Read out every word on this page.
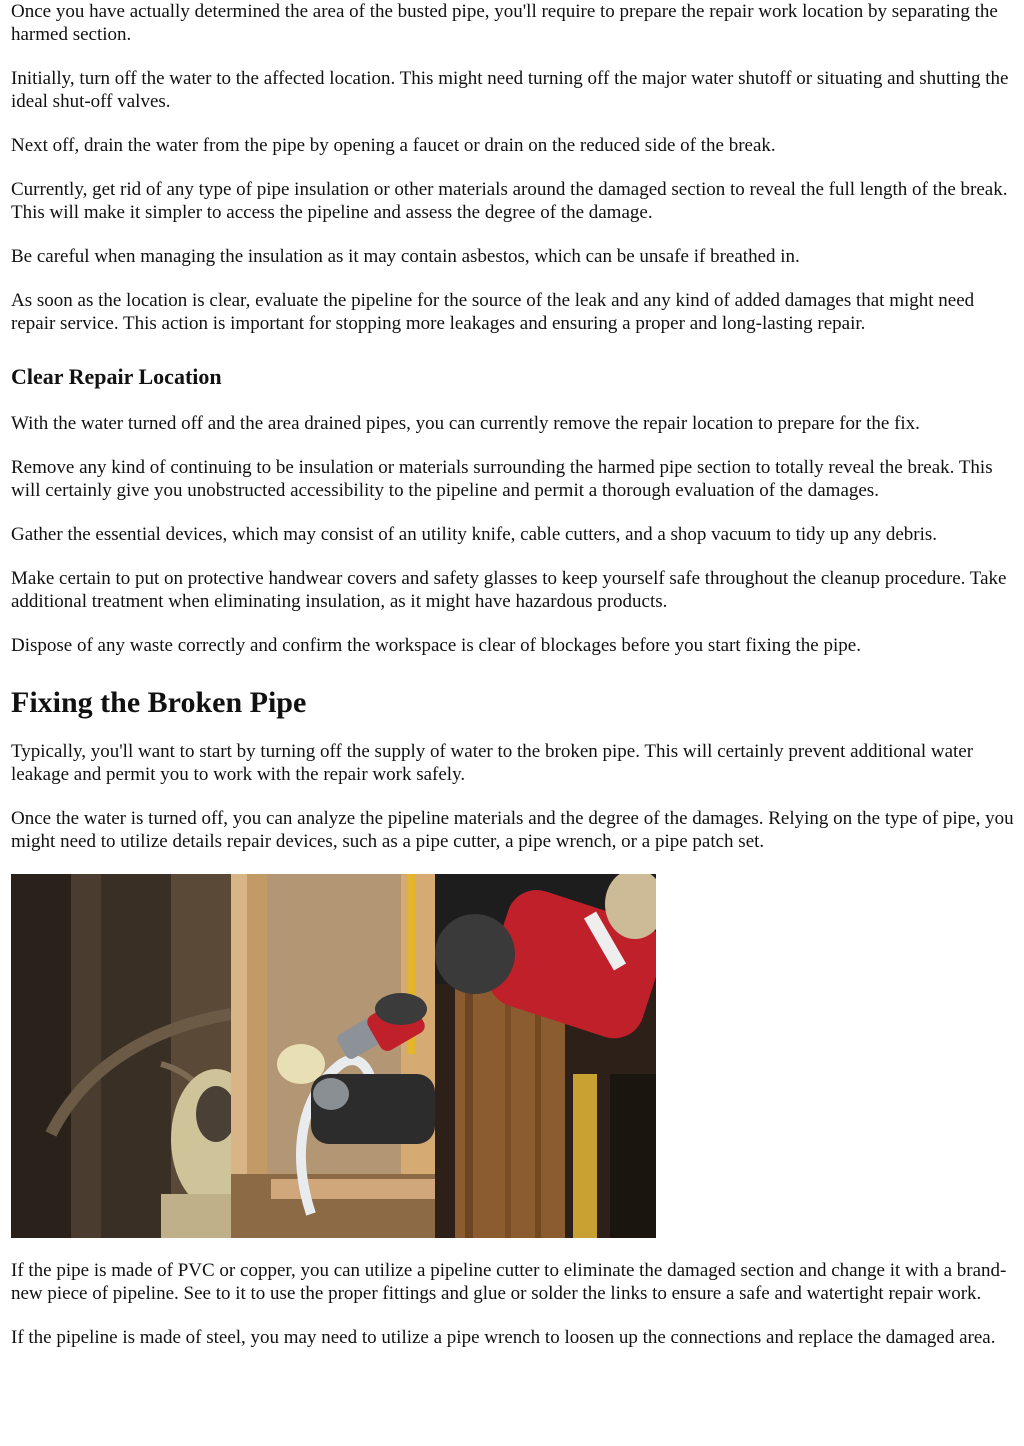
Once you have actually determined the area of the busted pipe, you'll require to prepare the repair work location by separating the harmed section.

Initially, turn off the water to the affected location. This might need turning off the major water shutoff or situating and shutting the ideal shut-off valves.

Next off, drain the water from the pipe by opening a faucet or drain on the reduced side of the break.

Currently, get rid of any type of pipe insulation or other materials around the damaged section to reveal the full length of the break. This will make it simpler to access the pipeline and assess the degree of the damage.

Be careful when managing the insulation as it may contain asbestos, which can be unsafe if breathed in.

As soon as the location is clear, evaluate the pipeline for the source of the leak and any kind of added damages that might need repair service. This action is important for stopping more leakages and ensuring a proper and long-lasting repair.

Clear Repair Location

With the water turned off and the area drained pipes, you can currently remove the repair location to prepare for the fix.

Remove any kind of continuing to be insulation or materials surrounding the harmed pipe section to totally reveal the break. This will certainly give you unobstructed accessibility to the pipeline and permit a thorough evaluation of the damages.

Gather the essential devices, which may consist of an utility knife, cable cutters, and a shop vacuum to tidy up any debris.

Make certain to put on protective handwear covers and safety glasses to keep yourself safe throughout the cleanup procedure. Take additional treatment when eliminating insulation, as it might have hazardous products.

Dispose of any waste correctly and confirm the workspace is clear of blockages before you start fixing the pipe.

Fixing the Broken Pipe

Typically, you'll want to start by turning off the supply of water to the broken pipe. This will certainly prevent additional water leakage and permit you to work with the repair work safely.

Once the water is turned off, you can analyze the pipeline materials and the degree of the damages. Relying on the type of pipe, you might need to utilize details repair devices, such as a pipe cutter, a pipe wrench, or a pipe patch set.

If the pipe is made of PVC or copper, you can utilize a pipeline cutter to eliminate the damaged section and change it with a brand-new piece of pipeline. See to it to use the proper fittings and glue or solder the links to ensure a safe and watertight repair work.

If the pipeline is made of steel, you may need to utilize a pipe wrench to loosen up the connections and replace the damaged area.
